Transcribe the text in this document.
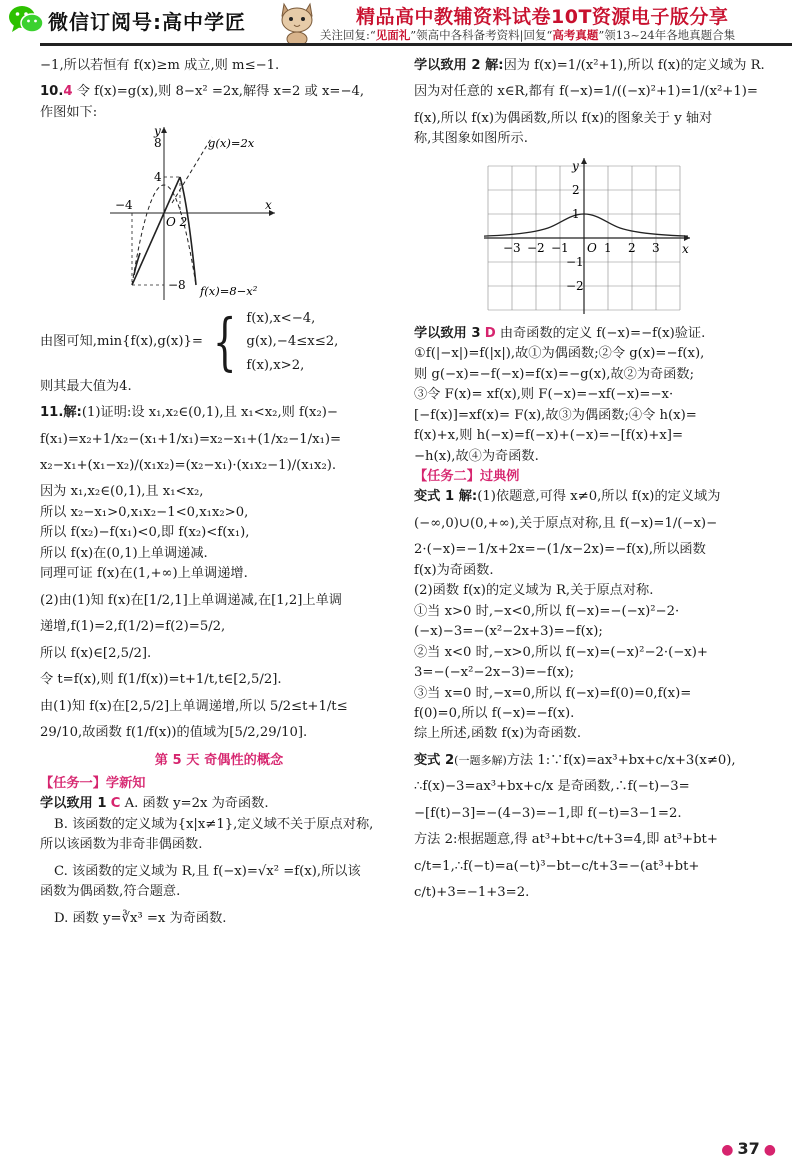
微信订阅号:高中学匠	精品高中教辅资料试卷10T资源电子版分享
关注回复:“见面礼”领高中各科备考资料|回复“高考真题”领13~24年各地真题合集
−1,所以若恒有 f(x)≥m 成立,则 m≤−1.
10.4 令 f(x)=g(x),则 8−x² =2x,解得 x=2 或 x=−4,
作图如下:
y
x
O 2
−4
8
4
−8
g(x)=2x
f(x)=8−x²
由图可知,min{f(x),g(x)}= { f(x),x<−4,
g(x),−4≤x≤2,
f(x),x>2,
则其最大值为4.
11.解:(1)证明:设 x₁,x₂∈(0,1),且 x₁<x₂,则 f(x₂)−
f(x₁)=x₂+1/x₂−(x₁+1/x₁)=x₂−x₁+(1/x₂−1/x₁)=
x₂−x₁+(x₁−x₂)/(x₁x₂)=(x₂−x₁)·(x₁x₂−1)/(x₁x₂).
因为 x₁,x₂∈(0,1),且 x₁<x₂,
所以 x₂−x₁>0,x₁x₂−1<0,x₁x₂>0,
所以 f(x₂)−f(x₁)<0,即 f(x₂)<f(x₁),
所以 f(x)在(0,1)上单调递减.
同理可证 f(x)在(1,+∞)上单调递增.
(2)由(1)知 f(x)在[1/2,1]上单调递减,在[1,2]上单调
递增,f(1)=2,f(1/2)=f(2)=5/2,
所以 f(x)∈[2,5/2].
令 t=f(x),则 f(1/f(x))=t+1/t,t∈[2,5/2].
由(1)知 f(x)在[2,5/2]上单调递增,所以 5/2≤t+1/t≤
29/10,故函数 f(1/f(x))的值域为[5/2,29/10].
第 5 天 奇偶性的概念
【任务一】学新知
学以致用 1 C A. 函数 y=2x 为奇函数.
B. 该函数的定义域为{x|x≠1},定义域不关于原点对称,
所以该函数为非奇非偶函数.
C. 该函数的定义域为 R,且 f(−x)=√x² =f(x),所以该
函数为偶函数,符合题意.
D. 函数 y=∛x³ =x 为奇函数.
学以致用 2 解:因为 f(x)=1/(x²+1),所以 f(x)的定义域为 R.
因为对任意的 x∈R,都有 f(−x)=1/((−x)²+1)=1/(x²+1)=
f(x),所以 f(x)为偶函数,所以 f(x)的图象关于 y 轴对
称,其图象如图所示.
y
x
O
2
1
−1
−2
−3 −2 −1	1 2 3
学以致用 3 D 由奇函数的定义 f(−x)=−f(x)验证.
①f(|−x|)=f(|x|),故①为偶函数;②令 g(x)=−f(x),
则 g(−x)=−f(−x)=f(x)=−g(x),故②为奇函数;
③令 F(x)= xf(x),则 F(−x)=−xf(−x)=−x·
[−f(x)]=xf(x)= F(x),故③为偶函数;④令 h(x)=
f(x)+x,则 h(−x)=f(−x)+(−x)=−[f(x)+x]=
−h(x),故④为奇函数.
【任务二】过典例
变式 1 解:(1)依题意,可得 x≠0,所以 f(x)的定义域为
(−∞,0)∪(0,+∞),关于原点对称,且 f(−x)=1/(−x)−
2·(−x)=−1/x+2x=−(1/x−2x)=−f(x),所以函数
f(x)为奇函数.
(2)函数 f(x)的定义域为 R,关于原点对称.
①当 x>0 时,−x<0,所以 f(−x)=−(−x)²−2·
(−x)−3=−(x²−2x+3)=−f(x);
②当 x<0 时,−x>0,所以 f(−x)=(−x)²−2·(−x)+
3=−(−x²−2x−3)=−f(x);
③当 x=0 时,−x=0,所以 f(−x)=f(0)=0,f(x)=
f(0)=0,所以 f(−x)=−f(x).
综上所述,函数 f(x)为奇函数.
变式 2(一题多解)方法 1:∵f(x)=ax³+bx+c/x+3(x≠0),
∴f(x)−3=ax³+bx+c/x 是奇函数,∴f(−t)−3=
−[f(t)−3]=−(4−3)=−1,即 f(−t)=3−1=2.
方法 2:根据题意,得 at³+bt+c/t+3=4,即 at³+bt+
c/t=1,∴f(−t)=a(−t)³−bt−c/t+3=−(at³+bt+
c/t)+3=−1+3=2.
● 37 ●
